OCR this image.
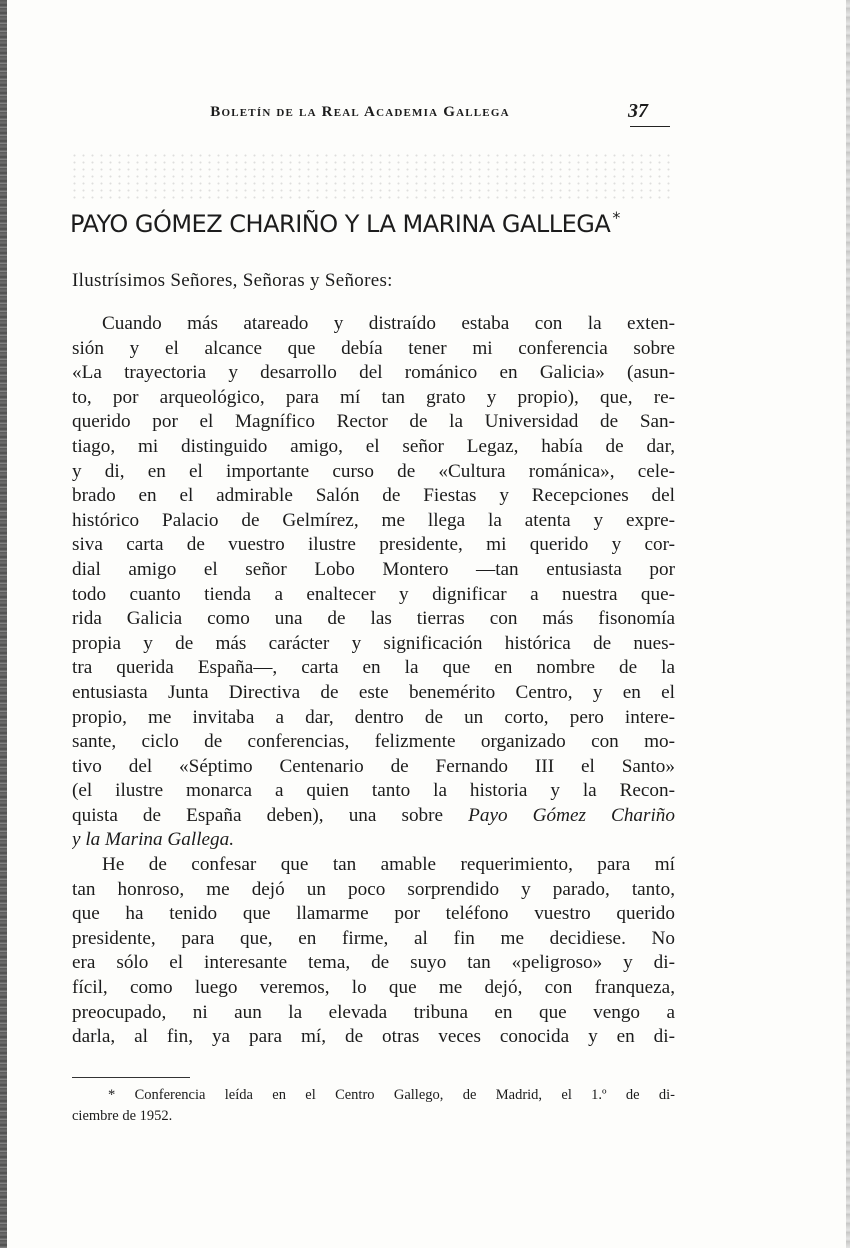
Boletín de la Real Academia Gallega	37
PAYO GÓMEZ CHARIÑO Y LA MARINA GALLEGA *
Ilustrísimos Señores, Señoras y Señores:
Cuando más atareado y distraído estaba con la exten-
sión y el alcance que debía tener mi conferencia sobre
«La trayectoria y desarrollo del románico en Galicia» (asun-
to, por arqueológico, para mí tan grato y propio), que, re-
querido por el Magnífico Rector de la Universidad de San-
tiago, mi distinguido amigo, el señor Legaz, había de dar,
y di, en el importante curso de «Cultura románica», cele-
brado en el admirable Salón de Fiestas y Recepciones del
histórico Palacio de Gelmírez, me llega la atenta y expre-
siva carta de vuestro ilustre presidente, mi querido y cor-
dial amigo el señor Lobo Montero —tan entusiasta por
todo cuanto tienda a enaltecer y dignificar a nuestra que-
rida Galicia como una de las tierras con más fisonomía
propia y de más carácter y significación histórica de nues-
tra querida España—, carta en la que en nombre de la
entusiasta Junta Directiva de este benemérito Centro, y en el
propio, me invitaba a dar, dentro de un corto, pero intere-
sante, ciclo de conferencias, felizmente organizado con mo-
tivo del «Séptimo Centenario de Fernando III el Santo»
(el ilustre monarca a quien tanto la historia y la Recon-
quista de España deben), una sobre Payo Gómez Chariño
y la Marina Gallega.
He de confesar que tan amable requerimiento, para mí
tan honroso, me dejó un poco sorprendido y parado, tanto,
que ha tenido que llamarme por teléfono vuestro querido
presidente, para que, en firme, al fin me decidiese. No
era sólo el interesante tema, de suyo tan «peligroso» y di-
fícil, como luego veremos, lo que me dejó, con franqueza,
preocupado, ni aun la elevada tribuna en que vengo a
darla, al fin, ya para mí, de otras veces conocida y en di-
* Conferencia leída en el Centro Gallego, de Madrid, el 1.º de di-
ciembre de 1952.
